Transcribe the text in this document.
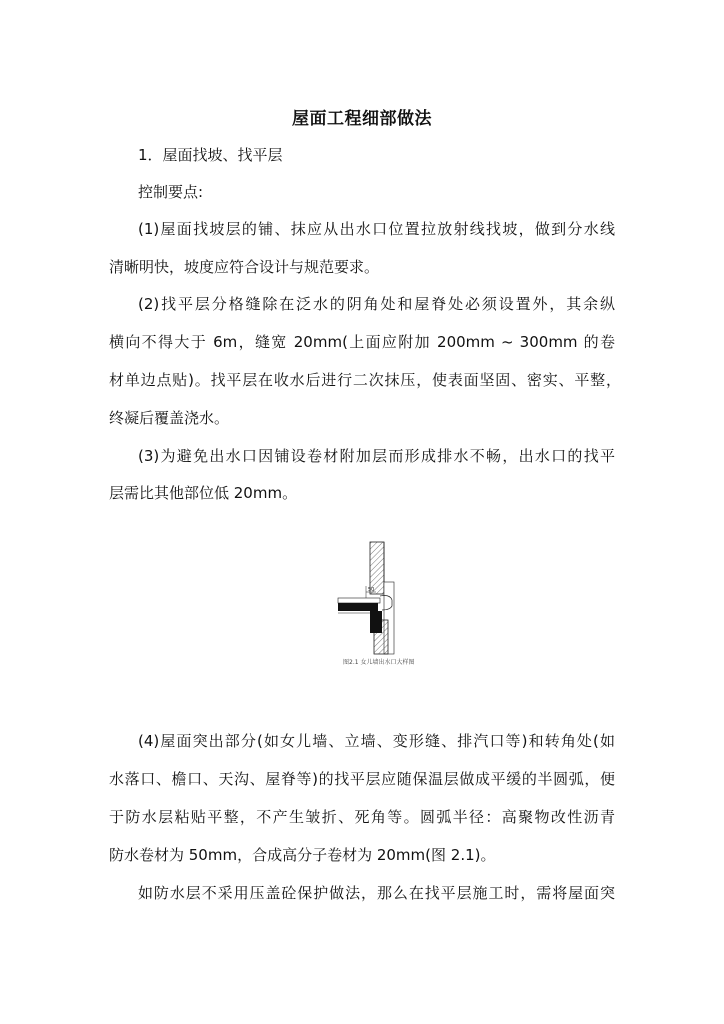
屋面工程细部做法
1．屋面找坡、找平层
控制要点:
(1)屋面找坡层的铺、抹应从出水口位置拉放射线找坡，做到分水线
清晰明快，坡度应符合设计与规范要求。
(2)找平层分格缝除在泛水的阴角处和屋脊处必须设置外，其余纵
横向不得大于 6m，缝宽 20mm(上面应附加 200mm ~ 300mm 的卷
材单边点贴)。找平层在收水后进行二次抹压，使表面坚固、密实、平整，
终凝后覆盖浇水。
(3)为避免出水口因铺设卷材附加层而形成排水不畅，出水口的找平
层需比其他部位低 20mm。
50
图2.1 女儿墙出水口大样图
(4)屋面突出部分(如女儿墙、立墙、变形缝、排汽口等)和转角处(如
水落口、檐口、天沟、屋脊等)的找平层应随保温层做成平缓的半圆弧，便
于防水层粘贴平整，不产生皱折、死角等。圆弧半径：高聚物改性沥青
防水卷材为 50mm，合成高分子卷材为 20mm(图 2.1)。
如防水层不采用压盖砼保护做法，那么在找平层施工时，需将屋面突
